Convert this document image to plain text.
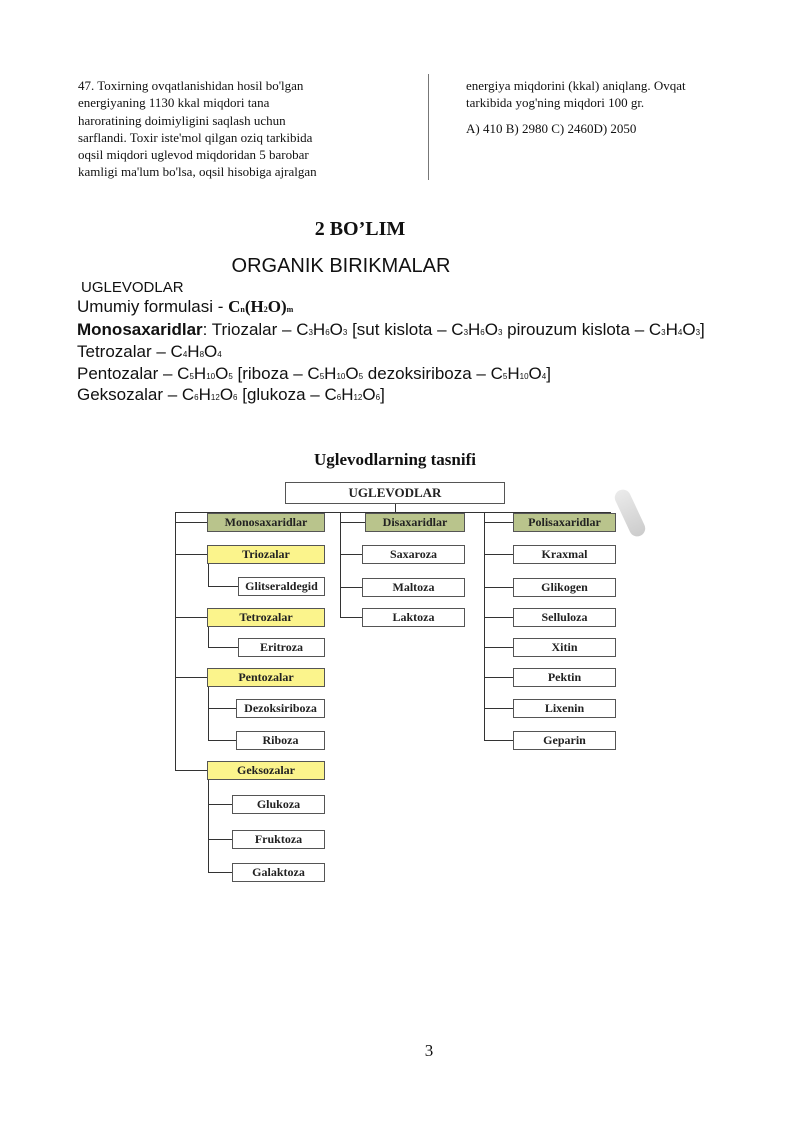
47. Toxirning ovqatlanishidan hosil bo'lgan
energiyaning 1130 kkal miqdori tana
haroratining doimiyligini saqlash uchun
sarflandi. Toxir iste'mol qilgan oziq tarkibida
oqsil miqdori uglevod miqdoridan 5 barobar
kamligi ma'lum bo'lsa, oqsil hisobiga ajralgan
energiya miqdorini (kkal) aniqlang. Ovqat
tarkibida yog'ning miqdori 100 gr.
A) 410 B) 2980 C) 2460D) 2050
2 BO’LIM
ORGANIK BIRIKMALAR
UGLEVODLAR
Umumiy formulasi - Cn(H2O)m
Monosaxaridlar: Triozalar – C3H6O3 [sut kislota – C3H6O3 pirouzum kislota – C3H4O3]
Tetrozalar – C4H8O4
Pentozalar – C5H10O5 [riboza – C5H10O5 dezoksiriboza – C5H10O4]
Geksozalar – C6H12O6 [glukoza – C6H12O6]
Uglevodlarning tasnifi
UGLEVODLAR
Monosaxaridlar	Disaxaridlar	Polisaxaridlar
Triozalar
Glitseraldegid
Tetrozalar
Eritroza
Pentozalar
Dezoksiriboza
Riboza
Geksozalar
Glukoza
Fruktoza
Galaktoza
Saxaroza
Maltoza
Laktoza
Kraxmal
Glikogen
Selluloza
Xitin
Pektin
Lixenin
Geparin
3
